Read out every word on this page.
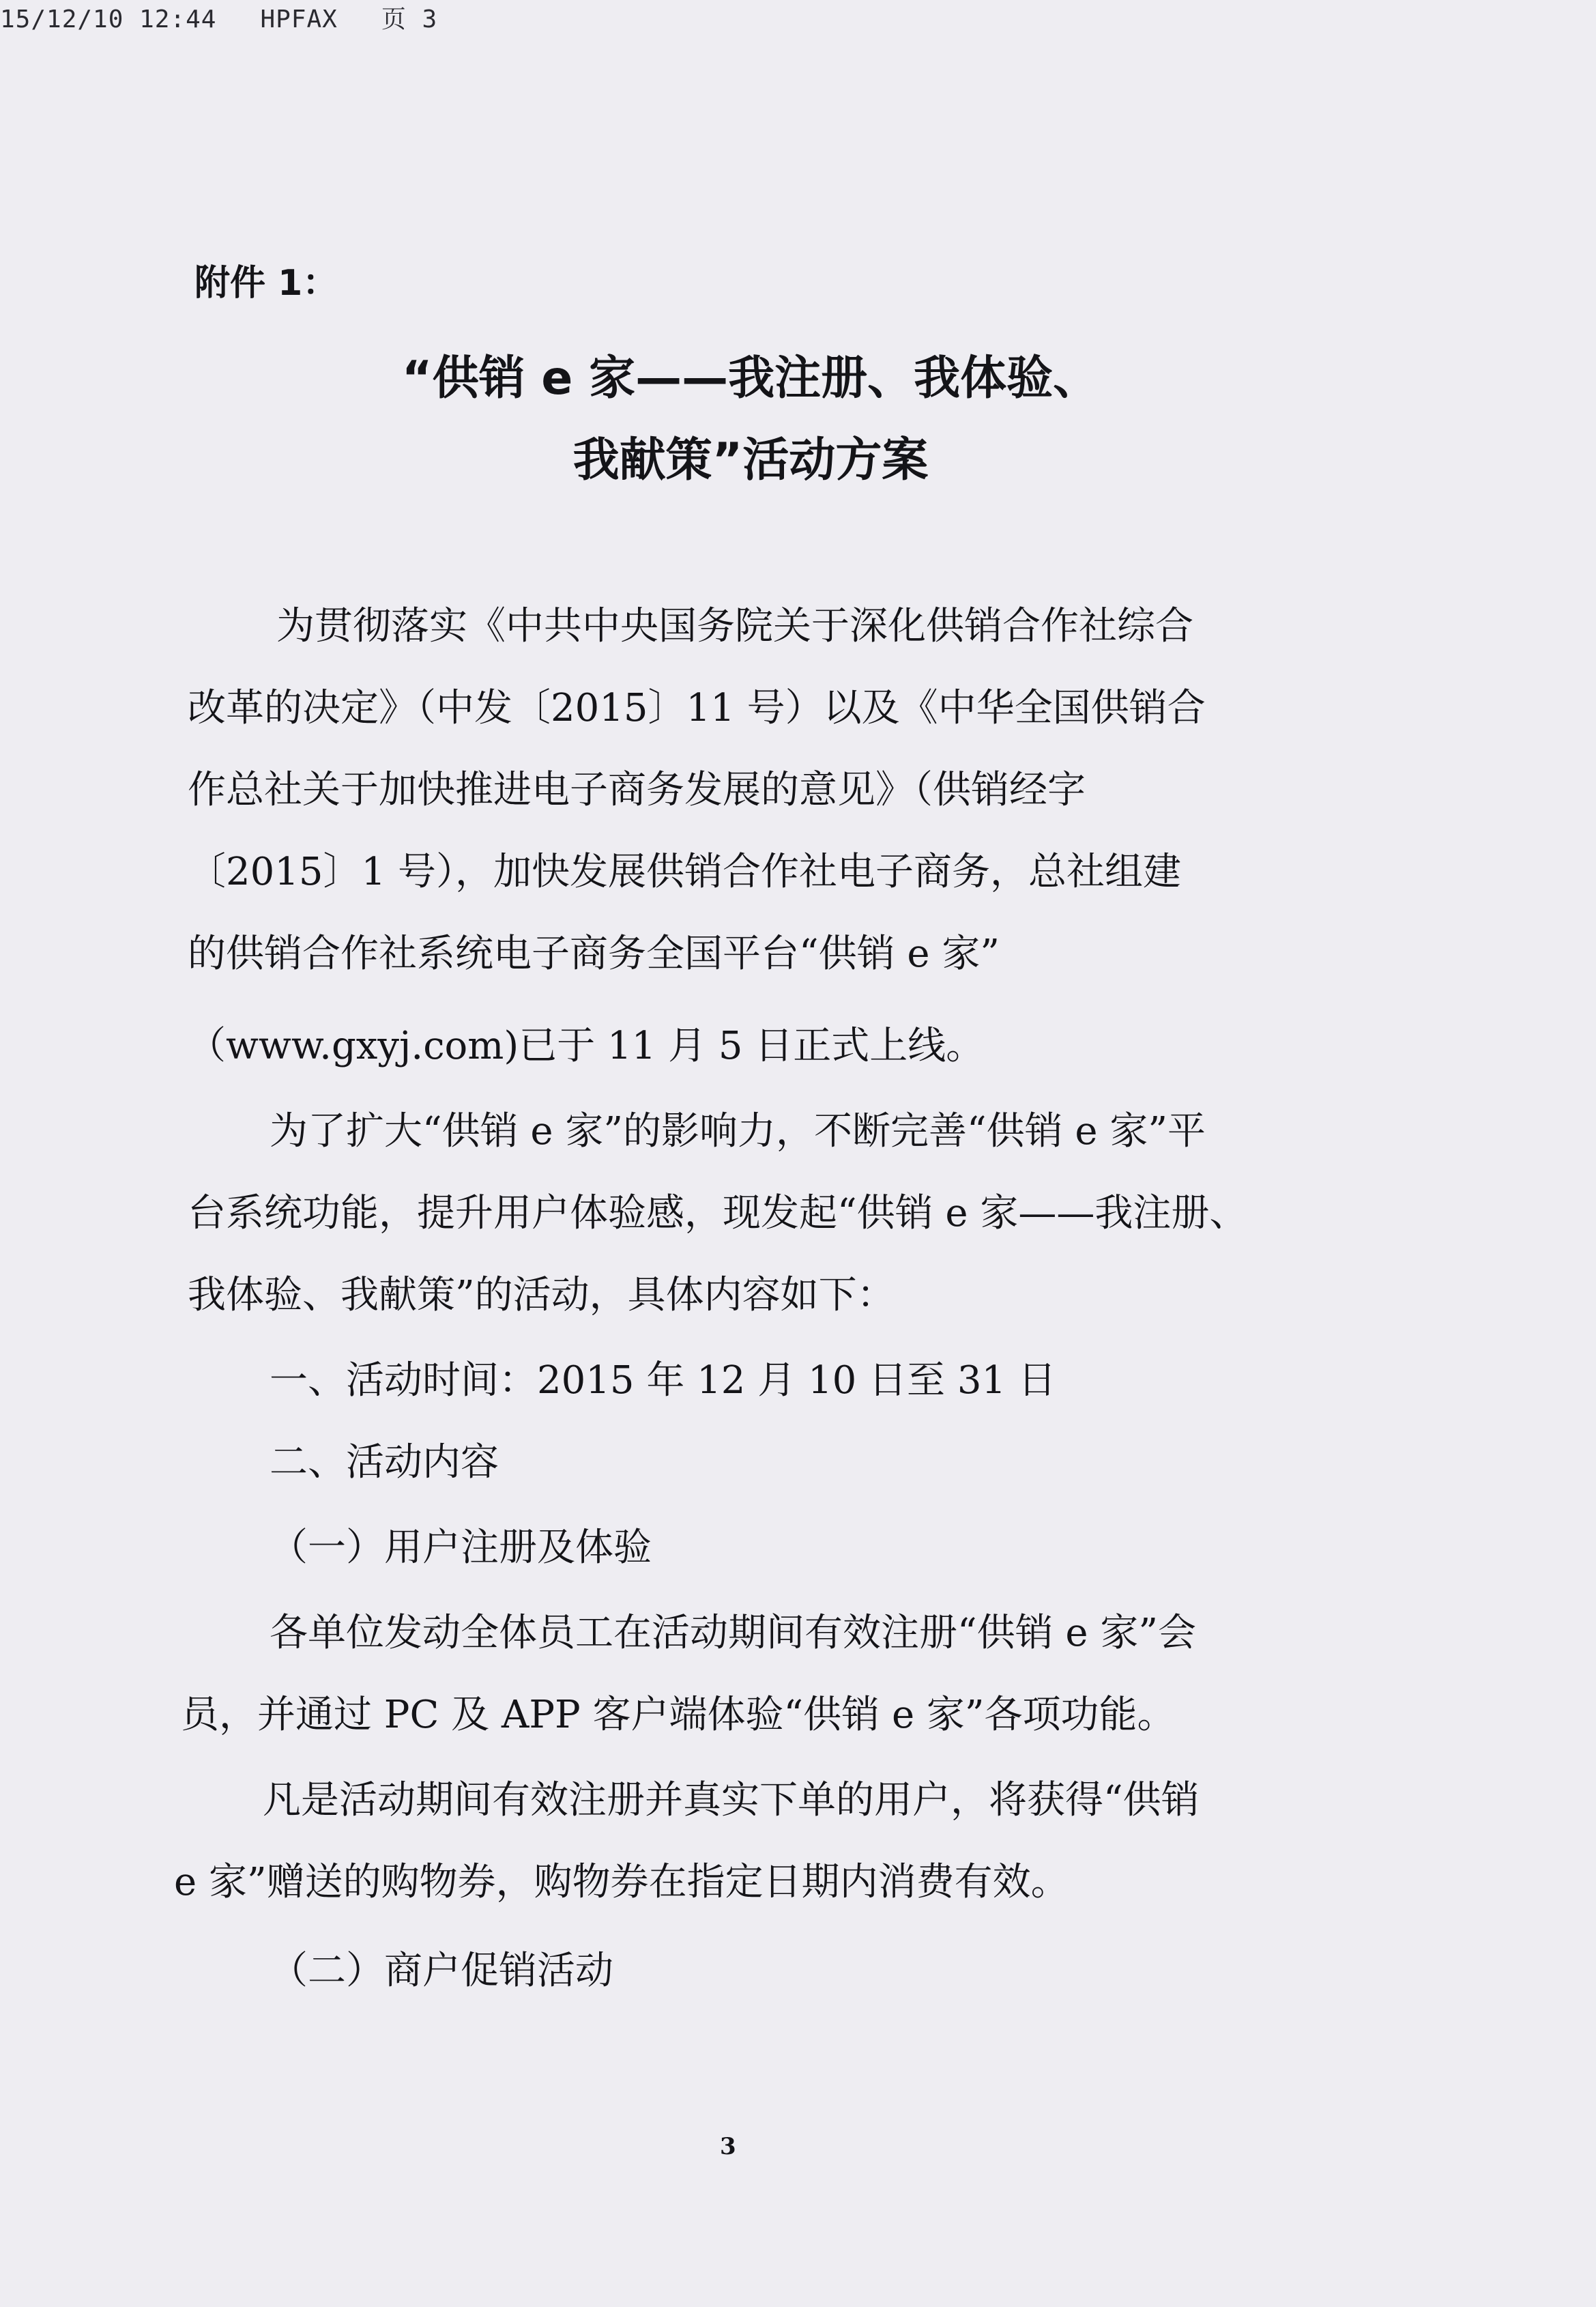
15/12/10 12:44 HPFAX 页 3
附件 1：
“供销 e 家——我注册、我体验、
我献策”活动方案
为贯彻落实《中共中央国务院关于深化供销合作社综合
改革的决定》（中发〔2015〕11 号）以及《中华全国供销合
作总社关于加快推进电子商务发展的意见》（供销经字
〔2015〕1 号），加快发展供销合作社电子商务，总社组建
的供销合作社系统电子商务全国平台“供销 e 家”
（www.gxyj.com)已于 11 月 5 日正式上线。
为了扩大“供销 e 家”的影响力，不断完善“供销 e 家”平
台系统功能，提升用户体验感，现发起“供销 e 家——我注册、
我体验、我献策”的活动，具体内容如下：
一、活动时间：2015 年 12 月 10 日至 31 日
二、活动内容
（一）用户注册及体验
各单位发动全体员工在活动期间有效注册“供销 e 家”会
员，并通过 PC 及 APP 客户端体验“供销 e 家”各项功能。
凡是活动期间有效注册并真实下单的用户，将获得“供销
e 家”赠送的购物券，购物券在指定日期内消费有效。
（二）商户促销活动
3
